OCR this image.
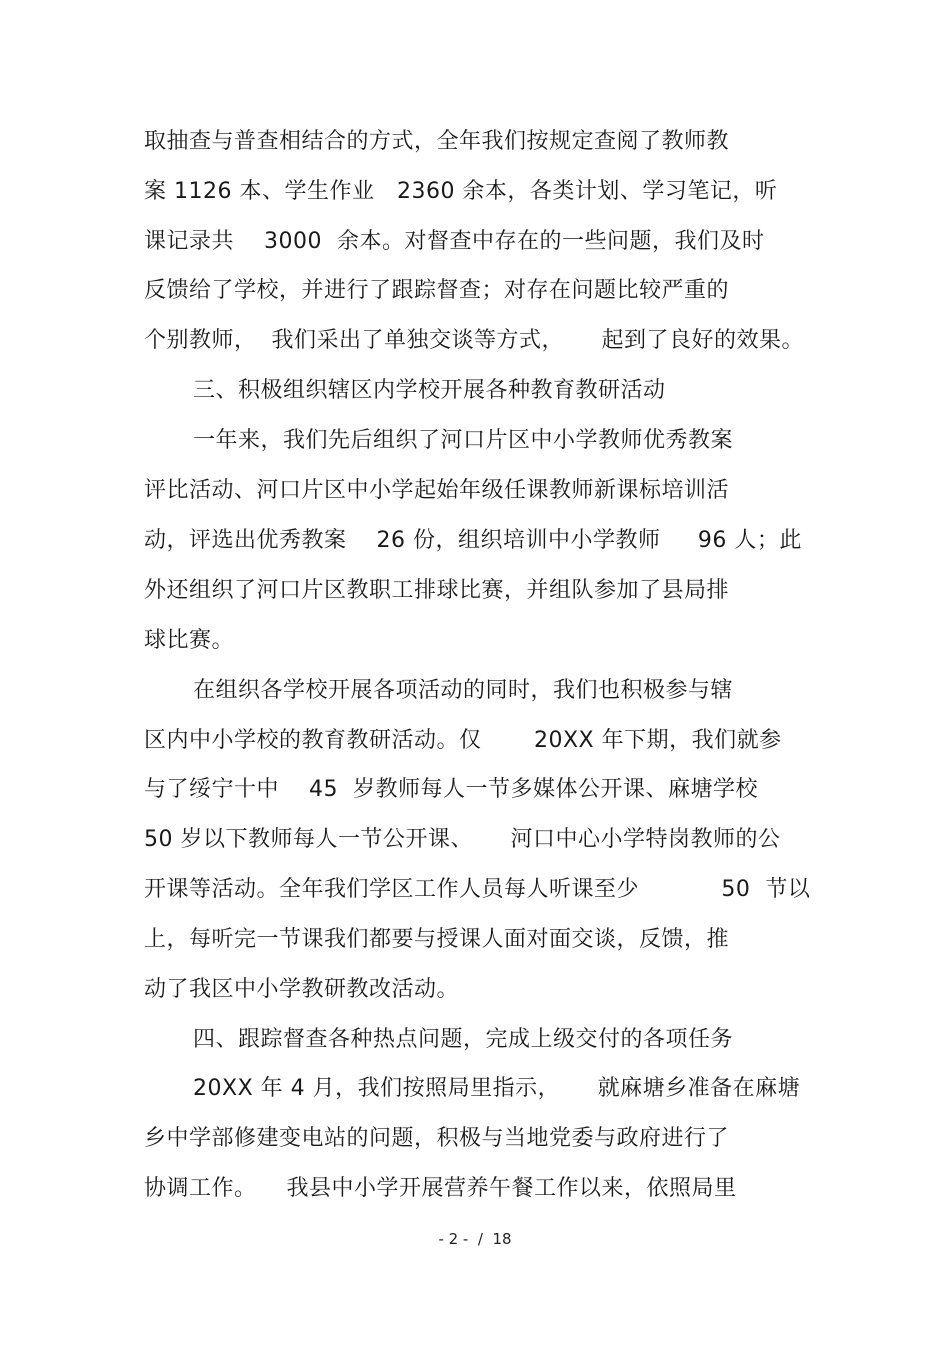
取抽查与普查相结合的方式，全年我们按规定查阅了教师教
案 1126 本、学生作业   2360 余本，各类计划、学习笔记，听
课记录共    3000  余本。对督查中存在的一些问题，我们及时
反馈给了学校，并进行了跟踪督查；对存在问题比较严重的
个别教师，  我们采出了单独交谈等方式，     起到了良好的效果。
三、积极组织辖区内学校开展各种教育教研活动
一年来，我们先后组织了河口片区中小学教师优秀教案
评比活动、河口片区中小学起始年级任课教师新课标培训活
动，评选出优秀教案    26 份，组织培训中小学教师     96 人；此
外还组织了河口片区教职工排球比赛，并组队参加了县局排
球比赛。
在组织各学校开展各项活动的同时，我们也积极参与辖
区内中小学校的教育教研活动。仅       20XX 年下期，我们就参
与了绥宁十中    45  岁教师每人一节多媒体公开课、麻塘学校
50 岁以下教师每人一节公开课、     河口中心小学特岗教师的公
开课等活动。全年我们学区工作人员每人听课至少           50  节以
上，每听完一节课我们都要与授课人面对面交谈，反馈，推
动了我区中小学教研教改活动。
四、跟踪督查各种热点问题，完成上级交付的各项任务
20XX 年 4 月，我们按照局里指示，     就麻塘乡准备在麻塘
乡中学部修建变电站的问题，积极与当地党委与政府进行了
协调工作。    我县中小学开展营养午餐工作以来，依照局里
- 2 -  /  18
